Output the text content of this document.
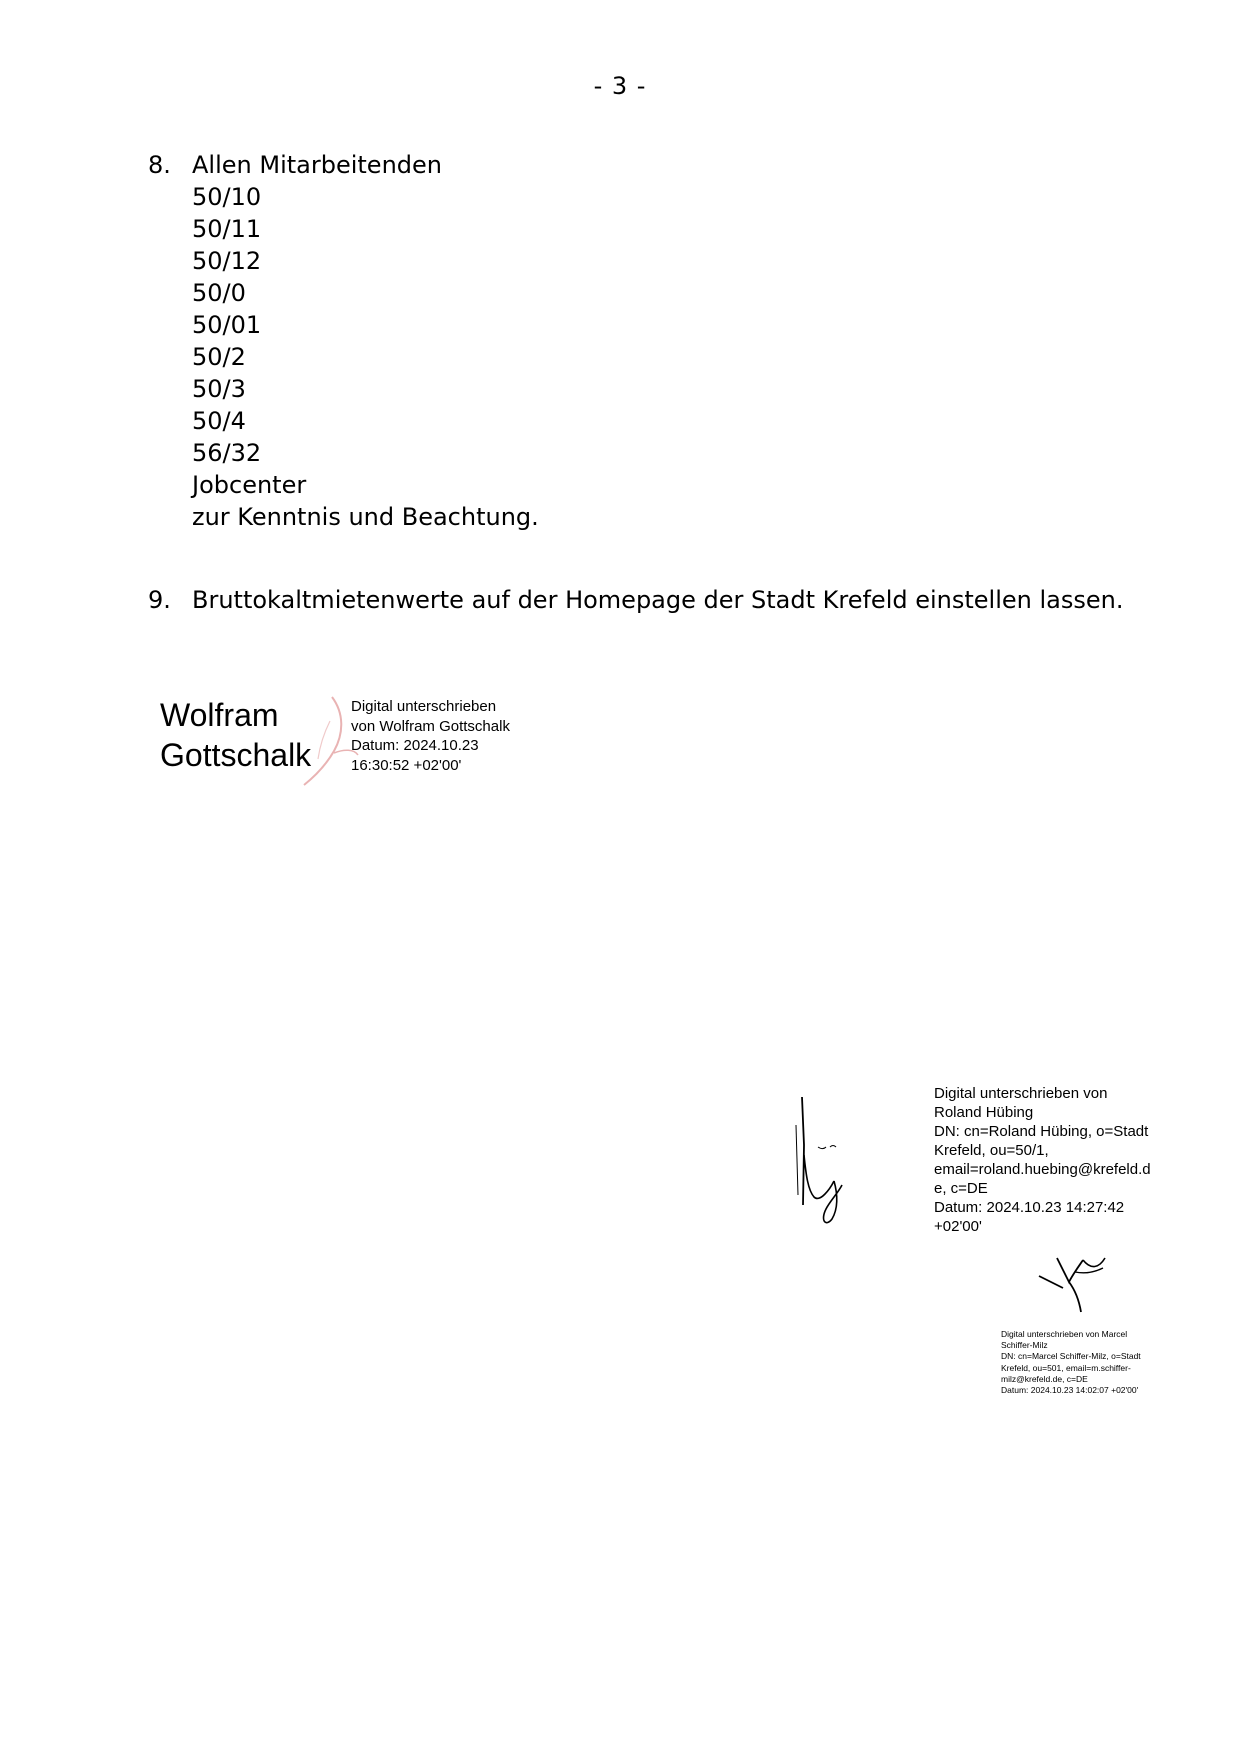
- 3 -
8. Allen Mitarbeitenden
50/10
50/11
50/12
50/0
50/01
50/2
50/3
50/4
56/32
Jobcenter
zur Kenntnis und Beachtung.
9. Bruttokaltmietenwerte auf der Homepage der Stadt Krefeld einstellen lassen.
Wolfram
Gottschalk
Digital unterschrieben
von Wolfram Gottschalk
Datum: 2024.10.23
16:30:52 +02'00'
Digital unterschrieben von
Roland Hübing
DN: cn=Roland Hübing, o=Stadt
Krefeld, ou=50/1,
email=roland.huebing@krefeld.d
e, c=DE
Datum: 2024.10.23 14:27:42
+02'00'
Digital unterschrieben von Marcel
Schiffer-Milz
DN: cn=Marcel Schiffer-Milz, o=Stadt
Krefeld, ou=501, email=m.schiffer-
milz@krefeld.de, c=DE
Datum: 2024.10.23 14:02:07 +02'00'
